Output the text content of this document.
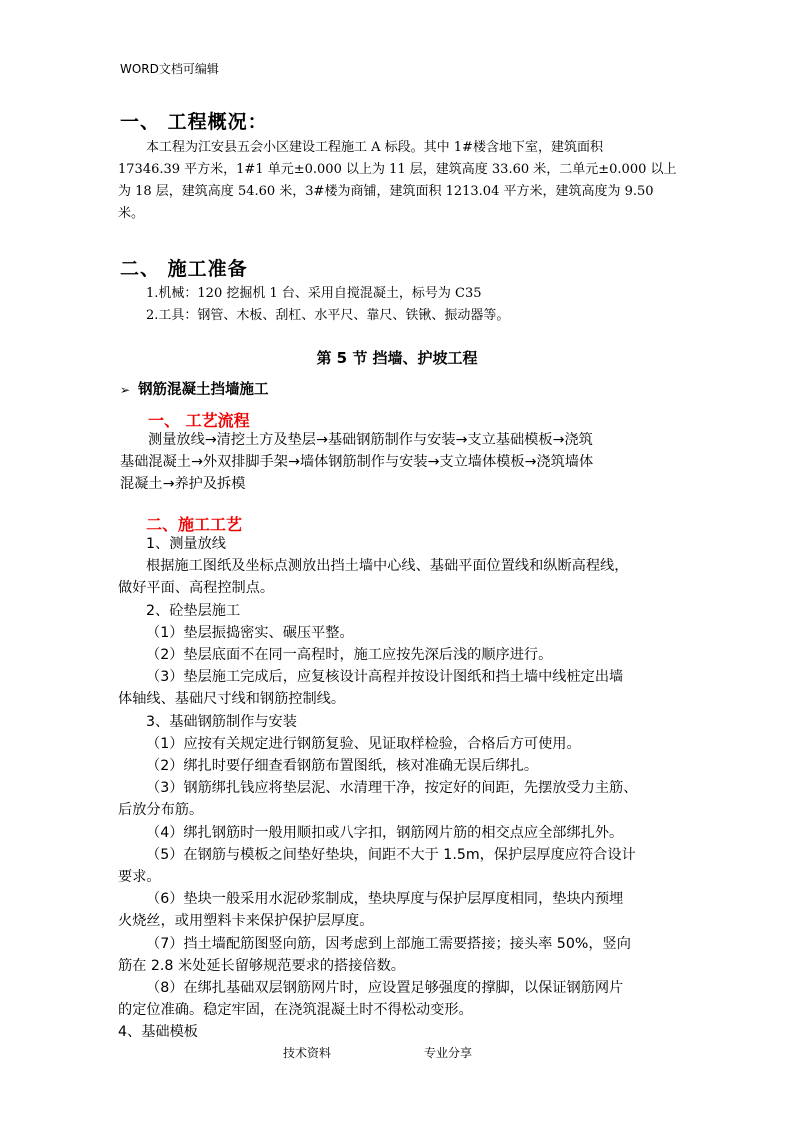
WORD文档可编辑
一、 工程概况：
本工程为江安县五会小区建设工程施工 A 标段。其中 1#楼含地下室，建筑面积
17346.39 平方米，1#1 单元±0.000 以上为 11 层，建筑高度 33.60 米，二单元±0.000 以上
为 18 层，建筑高度 54.60 米，3#楼为商铺，建筑面积 1213.04 平方米，建筑高度为 9.50
米。
二、 施工准备
1.机械：120 挖掘机 1 台、采用自搅混凝土，标号为 C35
2.工具：钢管、木板、刮杠、水平尺、靠尺、铁锹、振动器等。
第 5 节 挡墙、护坡工程
➢ 钢筋混凝土挡墙施工
一、 工艺流程
测量放线→清挖土方及垫层→基础钢筋制作与安装→支立基础模板→浇筑
基础混凝土→外双排脚手架→墙体钢筋制作与安装→支立墙体模板→浇筑墙体
混凝土→养护及拆模
二、施工工艺
1、测量放线
根据施工图纸及坐标点测放出挡土墙中心线、基础平面位置线和纵断高程线，
做好平面、高程控制点。
2、砼垫层施工
（1）垫层振捣密实、碾压平整。
（2）垫层底面不在同一高程时，施工应按先深后浅的顺序进行。
（3）垫层施工完成后，应复核设计高程并按设计图纸和挡土墙中线桩定出墙
体轴线、基础尺寸线和钢筋控制线。
3、基础钢筋制作与安装
（1）应按有关规定进行钢筋复验、见证取样检验，合格后方可使用。
（2）绑扎时要仔细查看钢筋布置图纸，核对准确无误后绑扎。
（3）钢筋绑扎钱应将垫层泥、水清理干净，按定好的间距，先摆放受力主筋、
后放分布筋。
（4）绑扎钢筋时一般用顺扣或八字扣，钢筋网片筋的相交点应全部绑扎外。
（5）在钢筋与模板之间垫好垫块，间距不大于 1.5m，保护层厚度应符合设计
要求。
（6）垫块一般采用水泥砂浆制成，垫块厚度与保护层厚度相同，垫块内预埋
火烧丝，或用塑料卡来保护保护层厚度。
（7）挡土墙配筋图竖向筋，因考虑到上部施工需要搭接；接头率 50%，竖向
筋在 2.8 米处延长留够规范要求的搭接倍数。
（8）在绑扎基础双层钢筋网片时，应设置足够强度的撑脚，以保证钢筋网片
的定位准确。稳定牢固，在浇筑混凝土时不得松动变形。
4、基础模板
技术资料	专业分享
